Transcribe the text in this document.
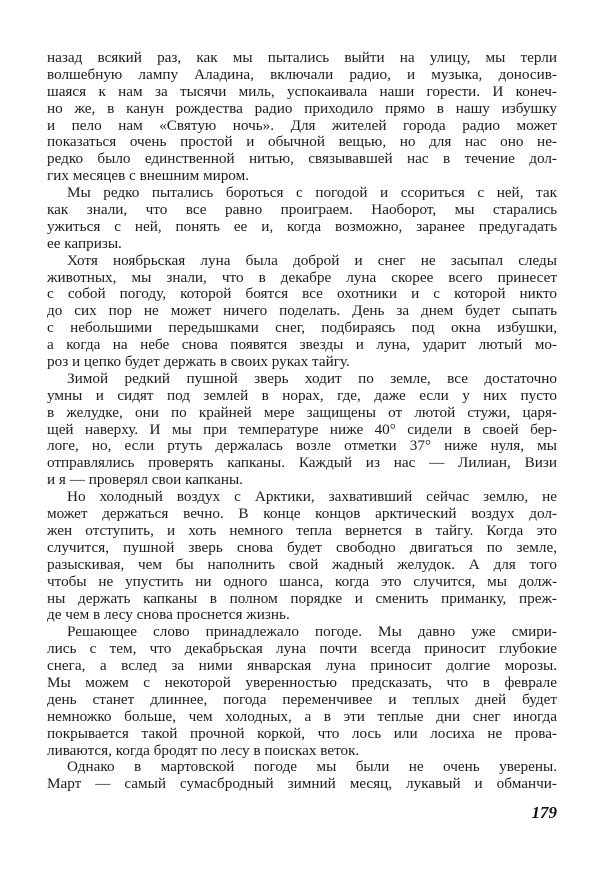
назад всякий раз, как мы пытались выйти на улицу, мы терли
волшебную лампу Аладина, включали радио, и музыка, доносив-
шаяся к нам за тысячи миль, успокаивала наши горести. И конеч-
но же, в канун рождества радио приходило прямо в нашу избушку
и пело нам «Святую ночь». Для жителей города радио может
показаться очень простой и обычной вещью, но для нас оно не-
редко было единственной нитью, связывавшей нас в течение дол-
гих месяцев с внешним миром.
Мы редко пытались бороться с погодой и ссориться с ней, так
как знали, что все равно проиграем. Наоборот, мы старались
ужиться с ней, понять ее и, когда возможно, заранее предугадать
ее капризы.
Хотя ноябрьская луна была доброй и снег не засыпал следы
животных, мы знали, что в декабре луна скорее всего принесет
с собой погоду, которой боятся все охотники и с которой никто
до сих пор не может ничего поделать. День за днем будет сыпать
с небольшими передышками снег, подбираясь под окна избушки,
а когда на небе снова появятся звезды и луна, ударит лютый мо-
роз и цепко будет держать в своих руках тайгу.
Зимой редкий пушной зверь ходит по земле, все достаточно
умны и сидят под землей в норах, где, даже если у них пусто
в желудке, они по крайней мере защищены от лютой стужи, царя-
щей наверху. И мы при температуре ниже 40° сидели в своей бер-
логе, но, если ртуть держалась возле отметки 37° ниже нуля, мы
отправлялись проверять капканы. Каждый из нас — Лилиан, Визи
и я — проверял свои капканы.
Но холодный воздух с Арктики, захвативший сейчас землю, не
может держаться вечно. В конце концов арктический воздух дол-
жен отступить, и хоть немного тепла вернется в тайгу. Когда это
случится, пушной зверь снова будет свободно двигаться по земле,
разыскивая, чем бы наполнить свой жадный желудок. А для того
чтобы не упустить ни одного шанса, когда это случится, мы долж-
ны держать капканы в полном порядке и сменить приманку, преж-
де чем в лесу снова проснется жизнь.
Решающее слово принадлежало погоде. Мы давно уже смири-
лись с тем, что декабрьская луна почти всегда приносит глубокие
снега, а вслед за ними январская луна приносит долгие морозы.
Мы можем с некоторой уверенностью предсказать, что в феврале
день станет длиннее, погода переменчивее и теплых дней будет
немножко больше, чем холодных, а в эти теплые дни снег иногда
покрывается такой прочной коркой, что лось или лосиха не прова-
ливаются, когда бродят по лесу в поисках веток.
Однако в мартовской погоде мы были не очень уверены.
Март — самый сумасбродный зимний месяц, лукавый и обманчи-
179
